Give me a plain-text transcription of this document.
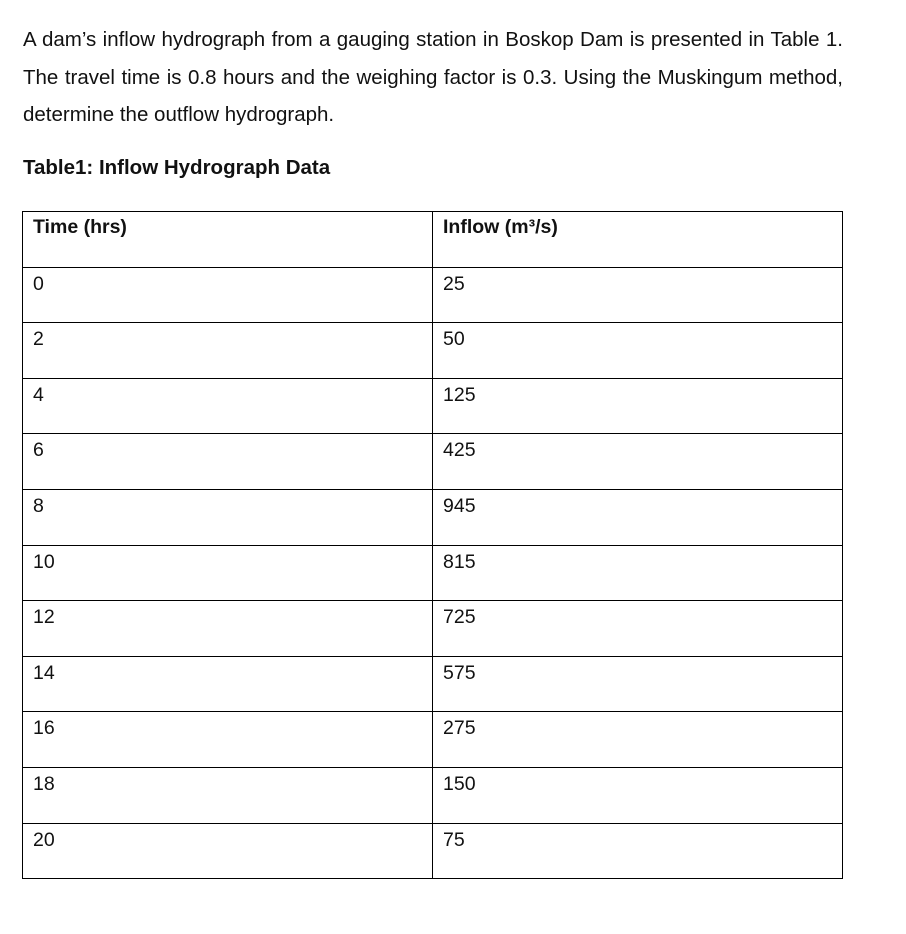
A dam’s inflow hydrograph from a gauging station in Boskop Dam is presented in Table 1. The travel time is 0.8 hours and the weighing factor is 0.3. Using the Muskingum method, determine the outflow hydrograph.

Table1: Inflow Hydrograph Data

Time (hrs)	Inflow (m³/s)

0	25

2	50

4	125

6	425

8	945

10	815

12	725

14	575

16	275

18	150

20	75
